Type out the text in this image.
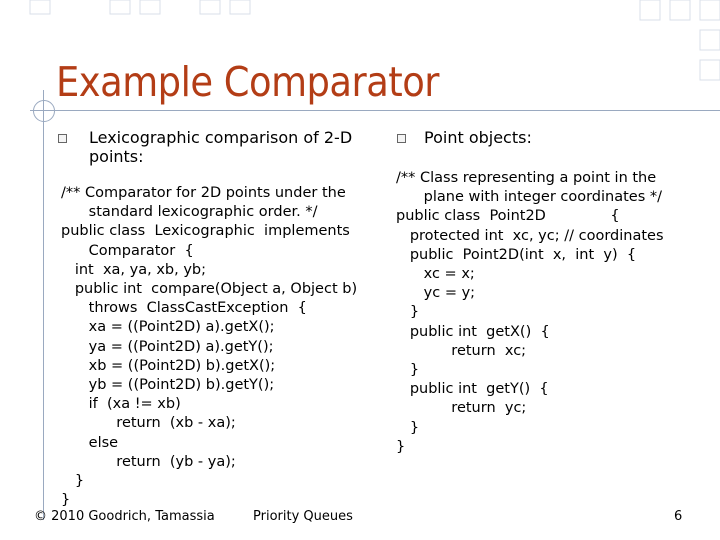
Example Comparator
Lexicographic comparison of 2-D
points:
/** Comparator for 2D points under the
standard lexicographic order. */
public class  Lexicographic  implements
Comparator  {
int  xa, ya, xb, yb;
public int  compare(Object a, Object b)
throws  ClassCastException  {
xa = ((Point2D) a).getX();
ya = ((Point2D) a).getY();
xb = ((Point2D) b).getX();
yb = ((Point2D) b).getY();
if  (xa != xb)
return  (xb - xa);
else
return  (yb - ya);
}
}
Point objects:
/** Class representing a point in the
plane with integer coordinates */
public class  Point2D              {
protected int  xc, yc; // coordinates
public  Point2D(int  x,  int  y)  {
xc = x;
yc = y;
}
public int  getX()  {
return  xc;
}
public int  getY()  {
return  yc;
}
}
© 2010 Goodrich, Tamassia	Priority Queues	6
